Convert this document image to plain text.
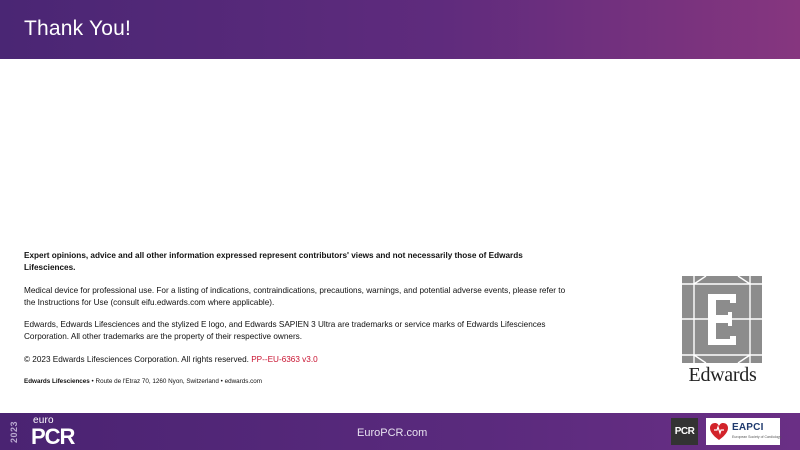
Thank You!

Expert opinions, advice and all other information expressed represent contributors' views and not necessarily those of Edwards Lifesciences.

Medical device for professional use. For a listing of indications, contraindications, precautions, warnings, and potential adverse events, please refer to the Instructions for Use (consult eifu.edwards.com where applicable).

Edwards, Edwards Lifesciences and the stylized E logo, and Edwards SAPIEN 3 Ultra are trademarks or service marks of Edwards Lifesciences Corporation. All other trademarks are the property of their respective owners.

© 2023 Edwards Lifesciences Corporation. All rights reserved. PP--EU-6363 v3.0

Edwards Lifesciences • Route de l'Etraz 70, 1260 Nyon, Switzerland • edwards.com	Edwards
2023
euro
PCR	EuroPCR.com	PCR	EAPCI
European Society of Cardiology
